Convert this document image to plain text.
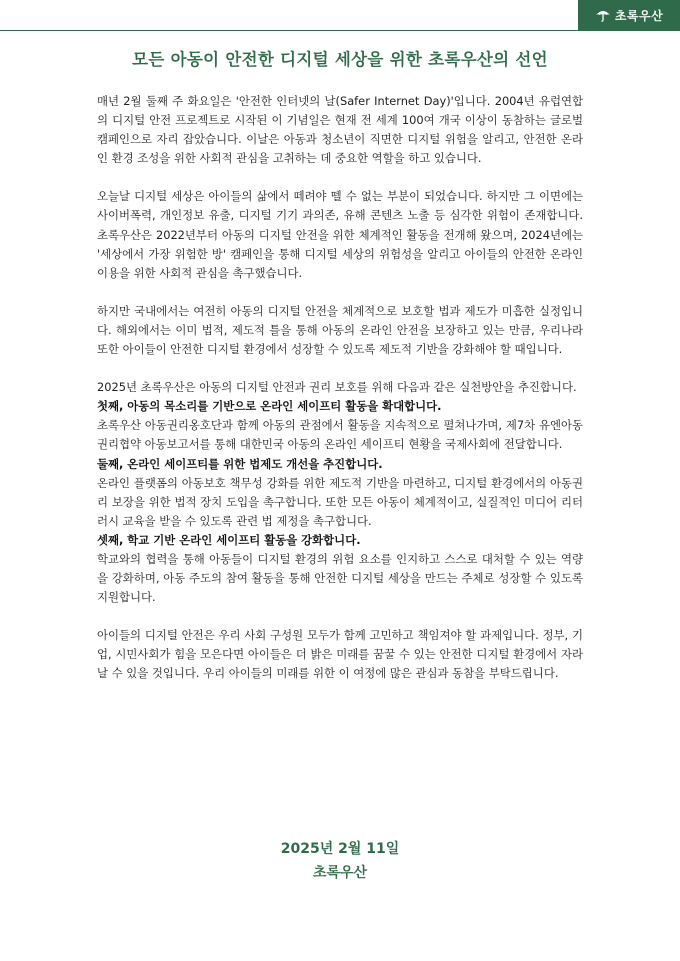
초록우산
모든 아동이 안전한 디지털 세상을 위한 초록우산의 선언

매년 2월 둘째 주 화요일은 '안전한 인터넷의 날(Safer Internet Day)'입니다. 2004년 유럽연합의 디지털 안전 프로젝트로 시작된 이 기념일은 현재 전 세계 100여 개국 이상이 동참하는 글로벌 캠페인으로 자리 잡았습니다. 이날은 아동과 청소년이 직면한 디지털 위험을 알리고, 안전한 온라인 환경 조성을 위한 사회적 관심을 고취하는 데 중요한 역할을 하고 있습니다.

오늘날 디지털 세상은 아이들의 삶에서 떼려야 뗄 수 없는 부분이 되었습니다. 하지만 그 이면에는 사이버폭력, 개인정보 유출, 디지털 기기 과의존, 유해 콘텐츠 노출 등 심각한 위험이 존재합니다. 초록우산은 2022년부터 아동의 디지털 안전을 위한 체계적인 활동을 전개해 왔으며, 2024년에는 '세상에서 가장 위험한 방' 캠페인을 통해 디지털 세상의 위험성을 알리고 아이들의 안전한 온라인 이용을 위한 사회적 관심을 촉구했습니다.

하지만 국내에서는 여전히 아동의 디지털 안전을 체계적으로 보호할 법과 제도가 미흡한 실정입니다. 해외에서는 이미 법적, 제도적 틀을 통해 아동의 온라인 안전을 보장하고 있는 만큼, 우리나라 또한 아이들이 안전한 디지털 환경에서 성장할 수 있도록 제도적 기반을 강화해야 할 때입니다.

2025년 초록우산은 아동의 디지털 안전과 권리 보호를 위해 다음과 같은 실천방안을 추진합니다.

첫째, 아동의 목소리를 기반으로 온라인 세이프티 활동을 확대합니다.

초록우산 아동권리옹호단과 함께 아동의 관점에서 활동을 지속적으로 펼쳐나가며, 제7차 유엔아동권리협약 아동보고서를 통해 대한민국 아동의 온라인 세이프티 현황을 국제사회에 전달합니다.

둘째, 온라인 세이프티를 위한 법제도 개선을 추진합니다.

온라인 플랫폼의 아동보호 책무성 강화를 위한 제도적 기반을 마련하고, 디지털 환경에서의 아동권리 보장을 위한 법적 장치 도입을 촉구합니다. 또한 모든 아동이 체계적이고, 실질적인 미디어 리터러시 교육을 받을 수 있도록 관련 법 제정을 촉구합니다.

셋째, 학교 기반 온라인 세이프티 활동을 강화합니다.

학교와의 협력을 통해 아동들이 디지털 환경의 위험 요소를 인지하고 스스로 대처할 수 있는 역량을 강화하며, 아동 주도의 참여 활동을 통해 안전한 디지털 세상을 만드는 주체로 성장할 수 있도록 지원합니다.

아이들의 디지털 안전은 우리 사회 구성원 모두가 함께 고민하고 책임져야 할 과제입니다. 정부, 기업, 시민사회가 힘을 모은다면 아이들은 더 밝은 미래를 꿈꿀 수 있는 안전한 디지털 환경에서 자라날 수 있을 것입니다. 우리 아이들의 미래를 위한 이 여정에 많은 관심과 동참을 부탁드립니다.

2025년 2월 11일
초록우산
